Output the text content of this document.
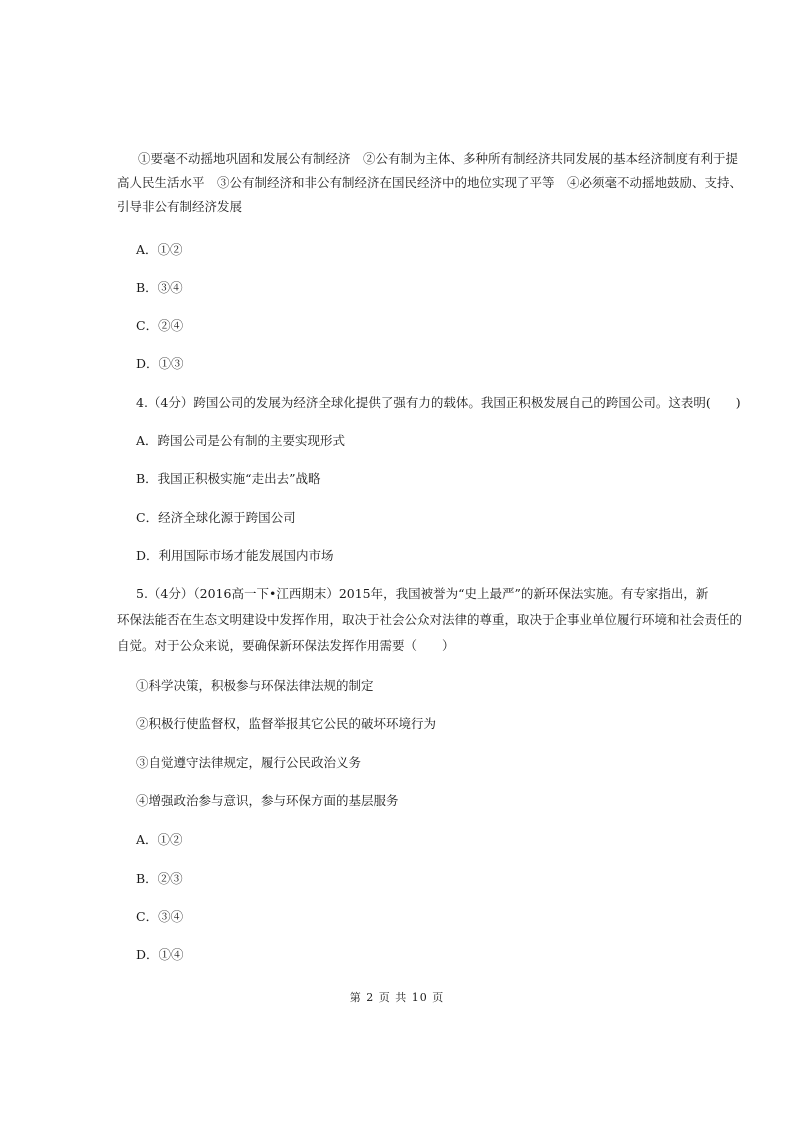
①要毫不动摇地巩固和发展公有制经济　②公有制为主体、多种所有制经济共同发展的基本经济制度有利于提
高人民生活水平　③公有制经济和非公有制经济在国民经济中的地位实现了平等　④必须毫不动摇地鼓励、支持、
引导非公有制经济发展
A．①②
B．③④
C．②④
D．①③
4.（4分）跨国公司的发展为经济全球化提供了强有力的载体。我国正积极发展自己的跨国公司。这表明(　　)
A．跨国公司是公有制的主要实现形式
B．我国正积极实施“走出去”战略
C．经济全球化源于跨国公司
D．利用国际市场才能发展国内市场
5.（4分）（2016高一下•江西期末）2015年，我国被誉为“史上最严”的新环保法实施。有专家指出，新
环保法能否在生态文明建设中发挥作用，取决于社会公众对法律的尊重，取决于企事业单位履行环境和社会责任的
自觉。对于公众来说，要确保新环保法发挥作用需要（　　）
①科学决策，积极参与环保法律法规的制定
②积极行使监督权，监督举报其它公民的破坏环境行为
③自觉遵守法律规定，履行公民政治义务
④增强政治参与意识，参与环保方面的基层服务
A．①②
B．②③
C．③④
D．①④
第 2 页 共 10 页
